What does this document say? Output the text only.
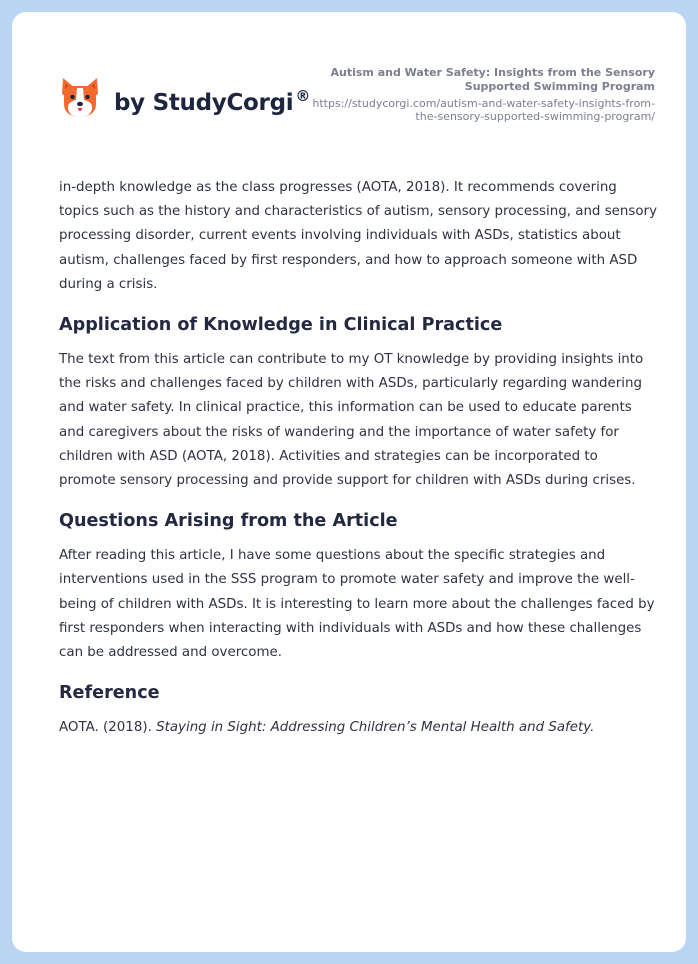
by StudyCorgi ®
Autism and Water Safety: Insights from the Sensory Supported Swimming Program
https://studycorgi.com/autism-and-water-safety-insights-from-the-sensory-supported-swimming-program/

in-depth knowledge as the class progresses (AOTA, 2018). It recommends covering topics such as the history and characteristics of autism, sensory processing, and sensory processing disorder, current events involving individuals with ASDs, statistics about autism, challenges faced by first responders, and how to approach someone with ASD during a crisis.

Application of Knowledge in Clinical Practice

The text from this article can contribute to my OT knowledge by providing insights into the risks and challenges faced by children with ASDs, particularly regarding wandering and water safety. In clinical practice, this information can be used to educate parents and caregivers about the risks of wandering and the importance of water safety for children with ASD (AOTA, 2018). Activities and strategies can be incorporated to promote sensory processing and provide support for children with ASDs during crises.

Questions Arising from the Article

After reading this article, I have some questions about the specific strategies and interventions used in the SSS program to promote water safety and improve the well-being of children with ASDs. It is interesting to learn more about the challenges faced by first responders when interacting with individuals with ASDs and how these challenges can be addressed and overcome.

Reference

AOTA. (2018). Staying in Sight: Addressing Children’s Mental Health and Safety.
